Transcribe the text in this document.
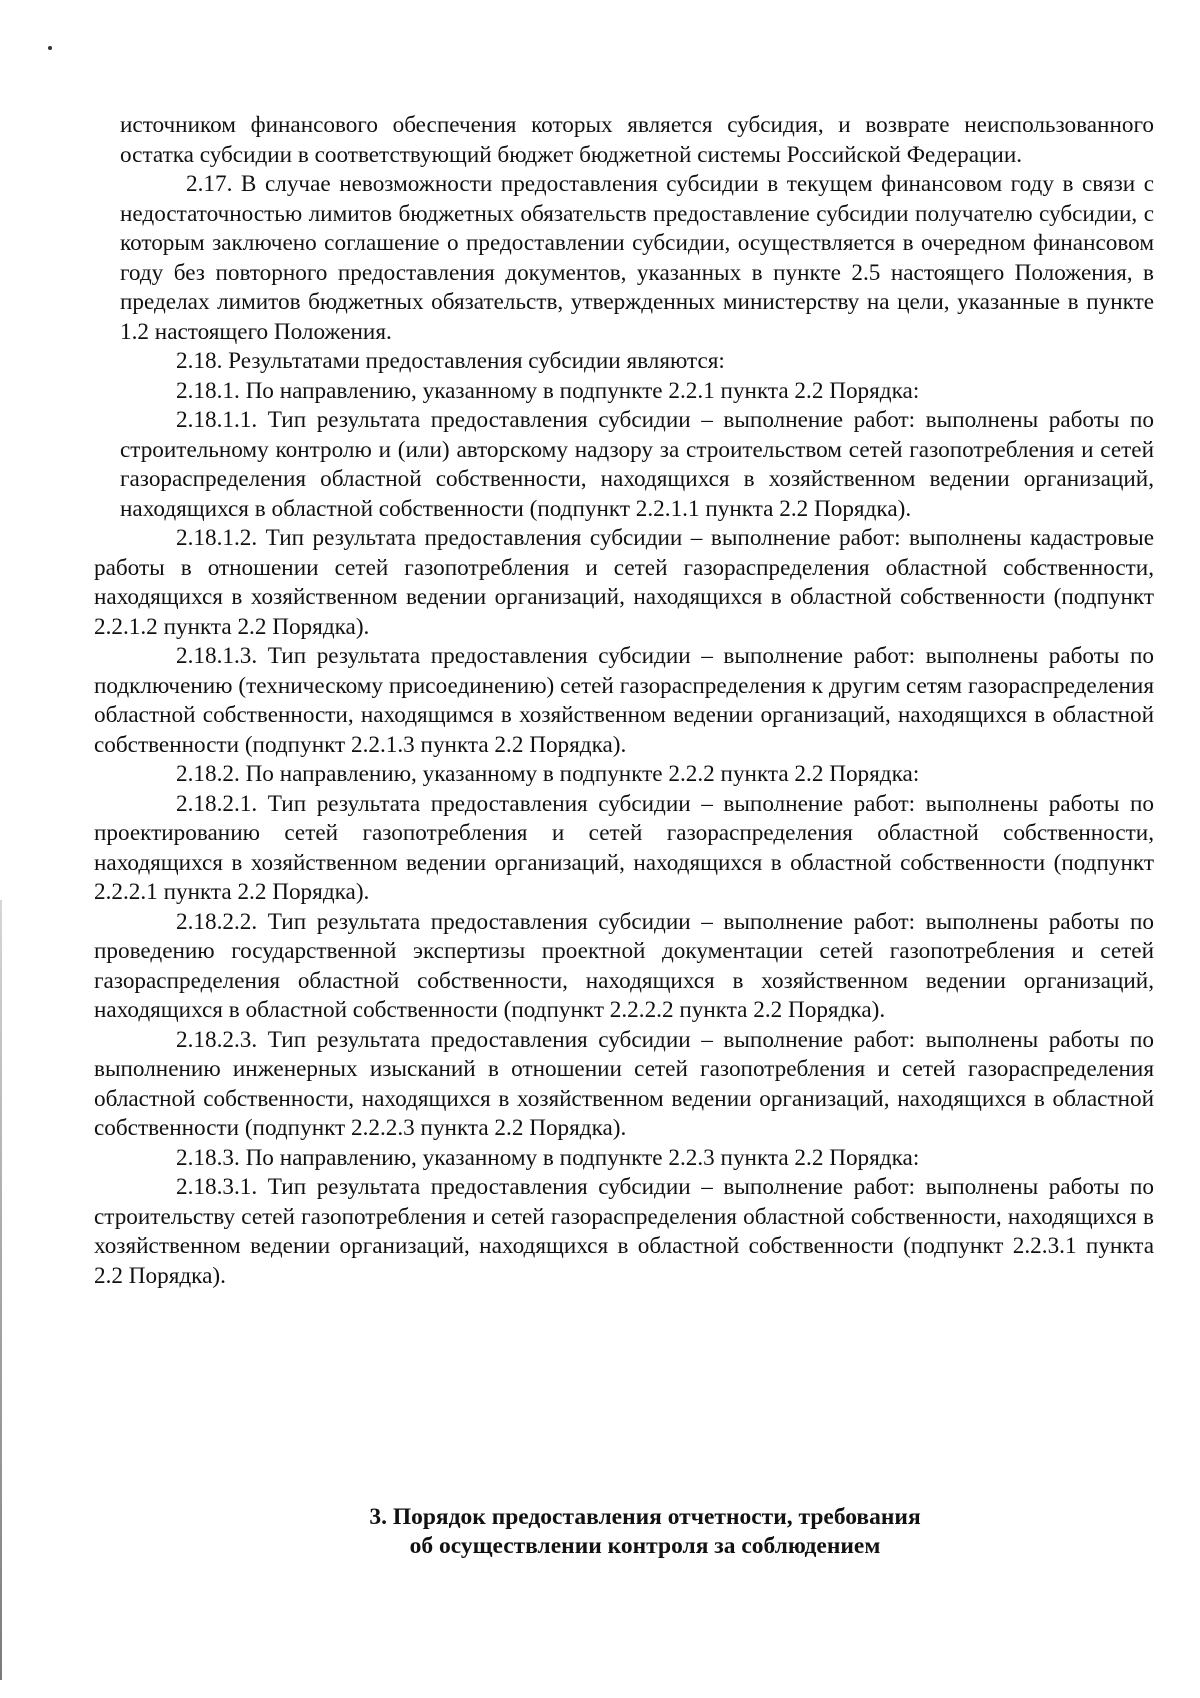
источником финансового обеспечения которых является субсидия, и возврате неиспользованного остатка субсидии в соответствующий бюджет бюджетной системы Российской Федерации.

2.17. В случае невозможности предоставления субсидии в текущем финансовом году в связи с недостаточностью лимитов бюджетных обязательств предоставление субсидии получателю субсидии, с которым заключено соглашение о предоставлении субсидии, осуществляется в очередном финансовом году без повторного предоставления документов, указанных в пункте 2.5 настоящего Положения, в пределах лимитов бюджетных обязательств, утвержденных министерству на цели, указанные в пункте 1.2 настоящего Положения.

2.18. Результатами предоставления субсидии являются:

2.18.1. По направлению, указанному в подпункте 2.2.1 пункта 2.2 Порядка:

2.18.1.1. Тип результата предоставления субсидии – выполнение работ: выполнены работы по строительному контролю и (или) авторскому надзору за строительством сетей газопотребления и сетей газораспределения областной собственности, находящихся в хозяйственном ведении организаций, находящихся в областной собственности (подпункт 2.2.1.1 пункта 2.2 Порядка).

2.18.1.2. Тип результата предоставления субсидии – выполнение работ: выполнены кадастровые работы в отношении сетей газопотребления и сетей газораспределения областной собственности, находящихся в хозяйственном ведении организаций, находящихся в областной собственности (подпункт 2.2.1.2 пункта 2.2 Порядка).

2.18.1.3. Тип результата предоставления субсидии – выполнение работ: выполнены работы по подключению (техническому присоединению) сетей газораспределения к другим сетям газораспределения областной собственности, находящимся в хозяйственном ведении организаций, находящихся в областной собственности (подпункт 2.2.1.3 пункта 2.2 Порядка).

2.18.2. По направлению, указанному в подпункте 2.2.2 пункта 2.2 Порядка:

2.18.2.1. Тип результата предоставления субсидии – выполнение работ: выполнены работы по проектированию сетей газопотребления и сетей газораспределения областной собственности, находящихся в хозяйственном ведении организаций, находящихся в областной собственности (подпункт 2.2.2.1 пункта 2.2 Порядка).

2.18.2.2. Тип результата предоставления субсидии – выполнение работ: выполнены работы по проведению государственной экспертизы проектной документации сетей газопотребления и сетей газораспределения областной собственности, находящихся в хозяйственном ведении организаций, находящихся в областной собственности (подпункт 2.2.2.2 пункта 2.2 Порядка).

2.18.2.3. Тип результата предоставления субсидии – выполнение работ: выполнены работы по выполнению инженерных изысканий в отношении сетей газопотребления и сетей газораспределения областной собственности, находящихся в хозяйственном ведении организаций, находящихся в областной собственности (подпункт 2.2.2.3 пункта 2.2 Порядка).

2.18.3. По направлению, указанному в подпункте 2.2.3 пункта 2.2 Порядка:

2.18.3.1. Тип результата предоставления субсидии – выполнение работ: выполнены работы по строительству сетей газопотребления и сетей газораспределения областной собственности, находящихся в хозяйственном ведении организаций, находящихся в областной собственности (подпункт 2.2.3.1 пункта 2.2 Порядка).

3. Порядок предоставления отчетности, требования
об осуществлении контроля за соблюдением
